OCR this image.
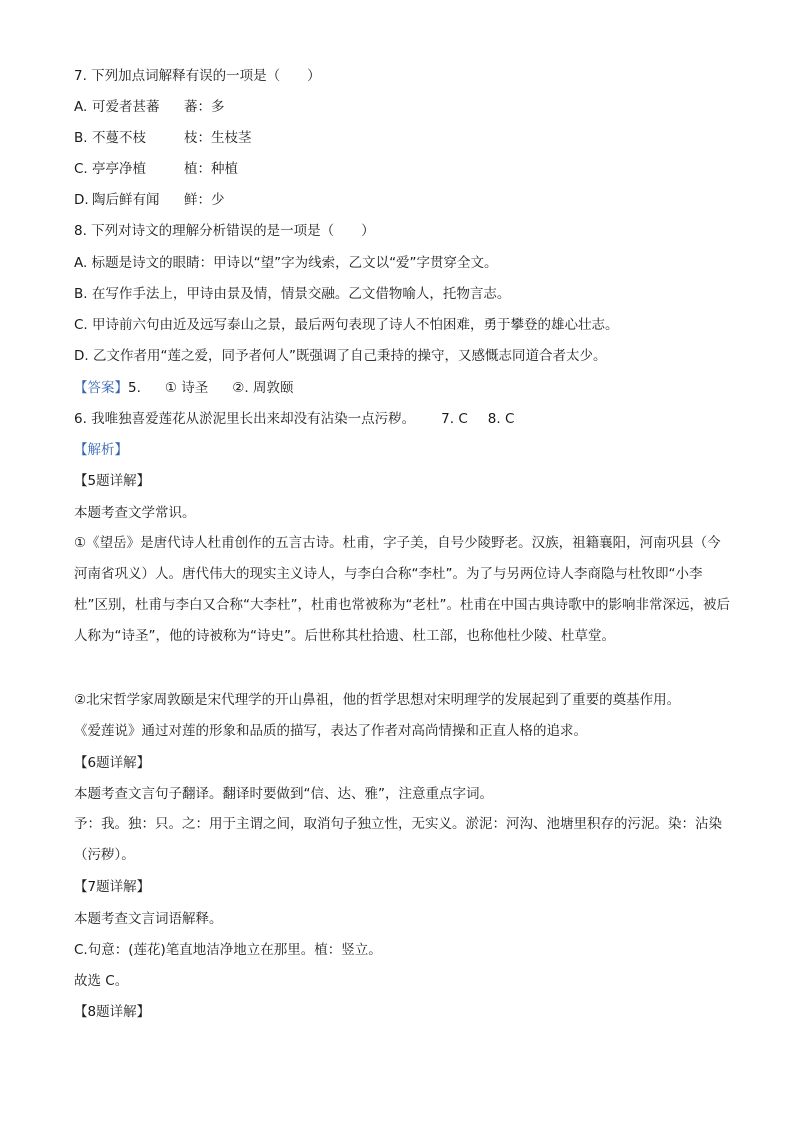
7. 下列加点词解释有误的一项是（　　）
A. 可爱者甚蕃 蕃：多
B. 不蔓不枝	枝：生枝茎
C. 亭亭净植	植：种植
D. 陶后鲜有闻 鲜：少
8. 下列对诗文的理解分析错误的是一项是（　　）
A. 标题是诗文的眼睛：甲诗以“望”字为线索，乙文以“爱”字贯穿全文。
B. 在写作手法上，甲诗由景及情，情景交融。乙文借物喻人，托物言志。
C. 甲诗前六句由近及远写泰山之景，最后两句表现了诗人不怕困难，勇于攀登的雄心壮志。
D. 乙文作者用“莲之爱，同予者何人”既强调了自己秉持的操守，又感慨志同道合者太少。
【答案】5. ① 诗圣 ②. 周敦颐
6. 我唯独喜爱莲花从淤泥里长出来却没有沾染一点污秽。 7. C 8. C
【解析】
【5题详解】
本题考查文学常识。
①《望岳》是唐代诗人杜甫创作的五言古诗。杜甫，字子美，自号少陵野老。汉族，祖籍襄阳，河南巩县（今河南省巩义）人。唐代伟大的现实主义诗人，与李白合称“李杜”。为了与另两位诗人李商隐与杜牧即“小李杜”区别，杜甫与李白又合称“大李杜”，杜甫也常被称为“老杜”。杜甫在中国古典诗歌中的影响非常深远，被后人称为“诗圣”，他的诗被称为“诗史”。后世称其杜拾遗、杜工部，也称他杜少陵、杜草堂。
②北宋哲学家周敦颐是宋代理学的开山鼻祖，他的哲学思想对宋明理学的发展起到了重要的奠基作用。
《爱莲说》通过对莲的形象和品质的描写，表达了作者对高尚情操和正直人格的追求。
【6题详解】
本题考查文言句子翻译。翻译时要做到“信、达、雅”，注意重点字词。
予：我。独：只。之：用于主谓之间，取消句子独立性，无实义。淤泥：河沟、池塘里积存的污泥。染：沾染（污秽）。
【7题详解】
本题考查文言词语解释。
C.句意：(莲花)笔直地洁净地立在那里。植：竖立。
故选 C。
【8题详解】
